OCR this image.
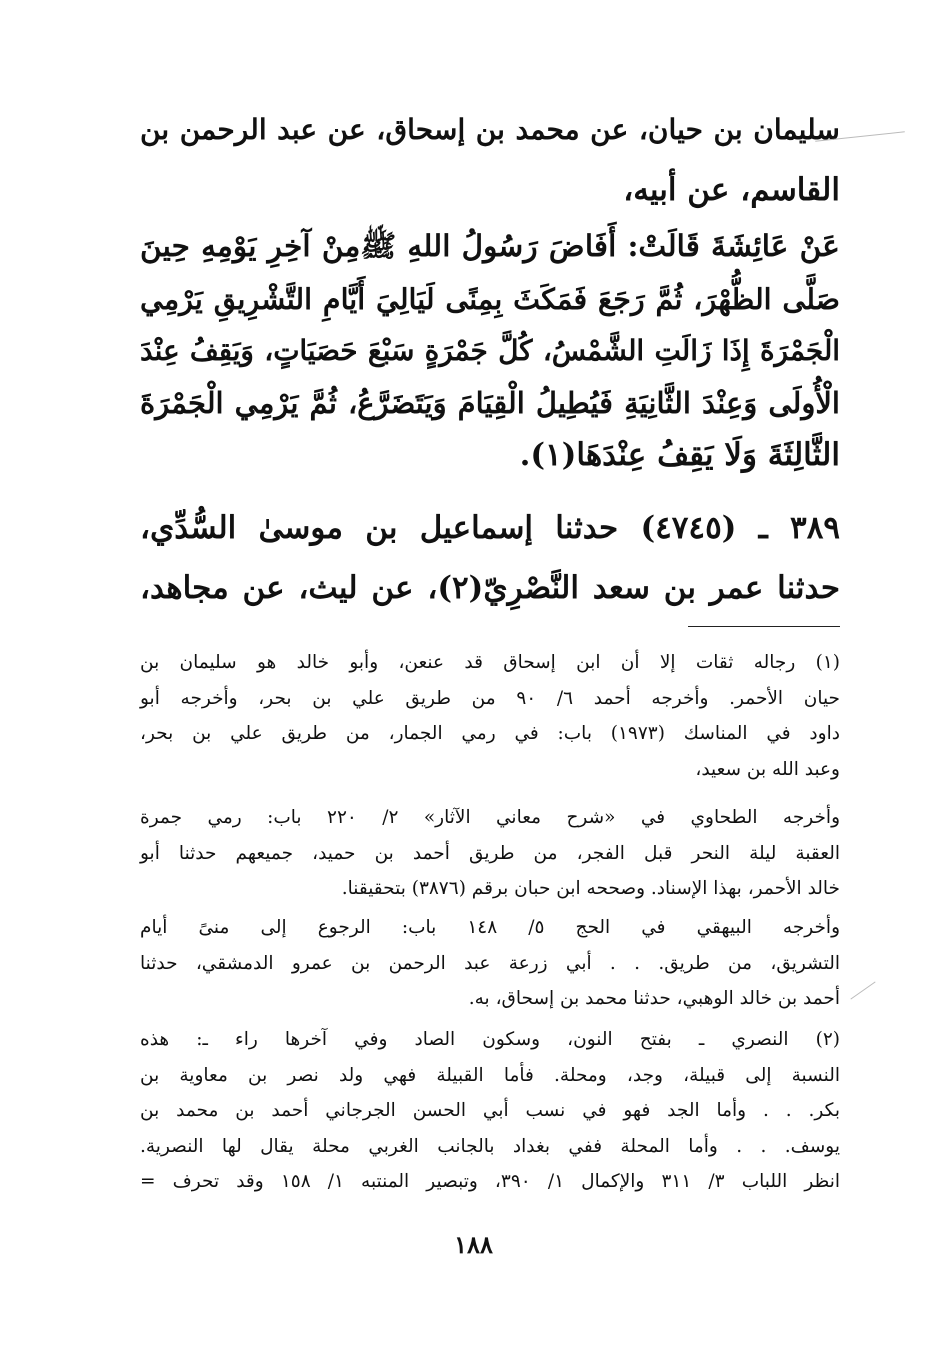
سليمان بن حيان، عن محمد بن إسحاق، عن عبد الرحمن بن
القاسم، عن أبيه،
عَنْ عَائِشَةَ قَالَتْ: أَفَاضَ رَسُولُ اللهِ ﷺمِنْ آخِرِ يَوْمِهِ حِينَ
صَلَّى الظُّهْرَ، ثُمَّ رَجَعَ فَمَكَثَ بِمِنًى لَيَالِيَ أَيَّامِ التَّشْرِيقِ يَرْمِي
الْجَمْرَةَ إِذَا زَالَتِ الشَّمْسُ، كُلَّ جَمْرَةٍ سَبْعَ حَصَيَاتٍ، وَيَقِفُ عِنْدَ
الْأُولَى وَعِنْدَ الثَّانِيَةِ فَيُطِيلُ الْقِيَامَ وَيَتَضَرَّعُ، ثُمَّ يَرْمِي الْجَمْرَةَ
الثَّالِثَةَ وَلَا يَقِفُ عِنْدَهَا(١).
٣٨٩ ـ (٤٧٤٥) حدثنا إسماعيل بن موسىٰ السُّدِّي،
حدثنا عمر بن سعد النَّصْرِيّ(٢)، عن ليث، عن مجاهد،
(١) رجاله ثقات إلا أن ابن إسحاق قد عنعن، وأبو خالد هو سليمان بن
حيان الأحمر. وأخرجه أحمد ٦/ ٩٠ من طريق علي بن بحر، وأخرجه أبو
داود في المناسك (١٩٧٣) باب: في رمي الجمار، من طريق علي بن بحر،
وعبد الله بن سعيد،
وأخرجه الطحاوي في «شرح معاني الآثار» ٢/ ٢٢٠ باب: رمي جمرة
العقبة ليلة النحر قبل الفجر، من طريق أحمد بن حميد، جميعهم حدثنا أبو
خالد الأحمر، بهذا الإسناد. وصححه ابن حبان برقم (٣٨٧٦) بتحقيقنا.
وأخرجه البيهقي في الحج ٥/ ١٤٨ باب: الرجوع إلى منىً أيام
التشريق، من طريق. . . أبي زرعة عبد الرحمن بن عمرو الدمشقي، حدثنا
أحمد بن خالد الوهبي، حدثنا محمد بن إسحاق، به.
(٢) النصري ـ بفتح النون، وسكون الصاد وفي آخرها راء ـ: هذه
النسبة إلى قبيلة، وجد، ومحلة. فأما القبيلة فهي ولد نصر بن معاوية بن
بكر. . . وأما الجد فهو في نسب أبي الحسن الجرجاني أحمد بن محمد بن
يوسف. . . وأما المحلة ففي بغداد بالجانب الغربي محلة يقال لها النصرية.
انظر اللباب ٣/ ٣١١ والإكمال ١/ ٣٩٠، وتبصير المنتبه ١/ ١٥٨ وقد تحرف =
١٨٨
